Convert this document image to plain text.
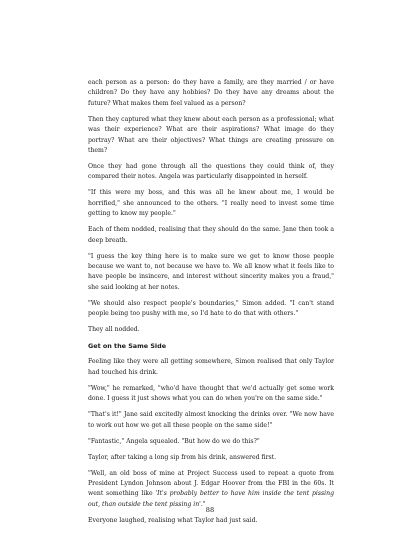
each person as a person: do they have a family, are they married / or have children? Do they have any hobbies? Do they have any dreams about the future? What makes them feel valued as a person?

Then they captured what they knew about each person as a professional; what was their experience? What are their aspirations? What image do they portray? What are their objectives? What things are creating pressure on them?

Once they had gone through all the questions they could think of, they compared their notes. Angela was particularly disappointed in herself.

"If this were my boss, and this was all he knew about me, I would be horrified," she announced to the others. "I really need to invest some time getting to know my people."

Each of them nodded, realising that they should do the same. Jane then took a deep breath.

"I guess the key thing here is to make sure we get to know those people because we want to, not because we have to. We all know what it feels like to have people be insincere, and interest without sincerity makes you a fraud," she said looking at her notes.

"We should also respect people's boundaries," Simon added. "I can't stand people being too pushy with me, so I'd hate to do that with others."

They all nodded.

Get on the Same Side

Feeling like they were all getting somewhere, Simon realised that only Taylor had touched his drink.

"Wow," he remarked, "who'd have thought that we'd actually get some work done. I guess it just shows what you can do when you're on the same side."

"That's it!" Jane said excitedly almost knocking the drinks over. "We now have to work out how we get all these people on the same side!"

"Fantastic," Angela squealed. "But how do we do this?"

Taylor, after taking a long sip from his drink, answered first.

"Well, an old boss of mine at Project Success used to repeat a quote from President Lyndon Johnson about J. Edgar Hoover from the FBI in the 60s. It went something like 'It's probably better to have him inside the tent pissing out, than outside the tent pissing in'."

Everyone laughed, realising what Taylor had just said.

88
